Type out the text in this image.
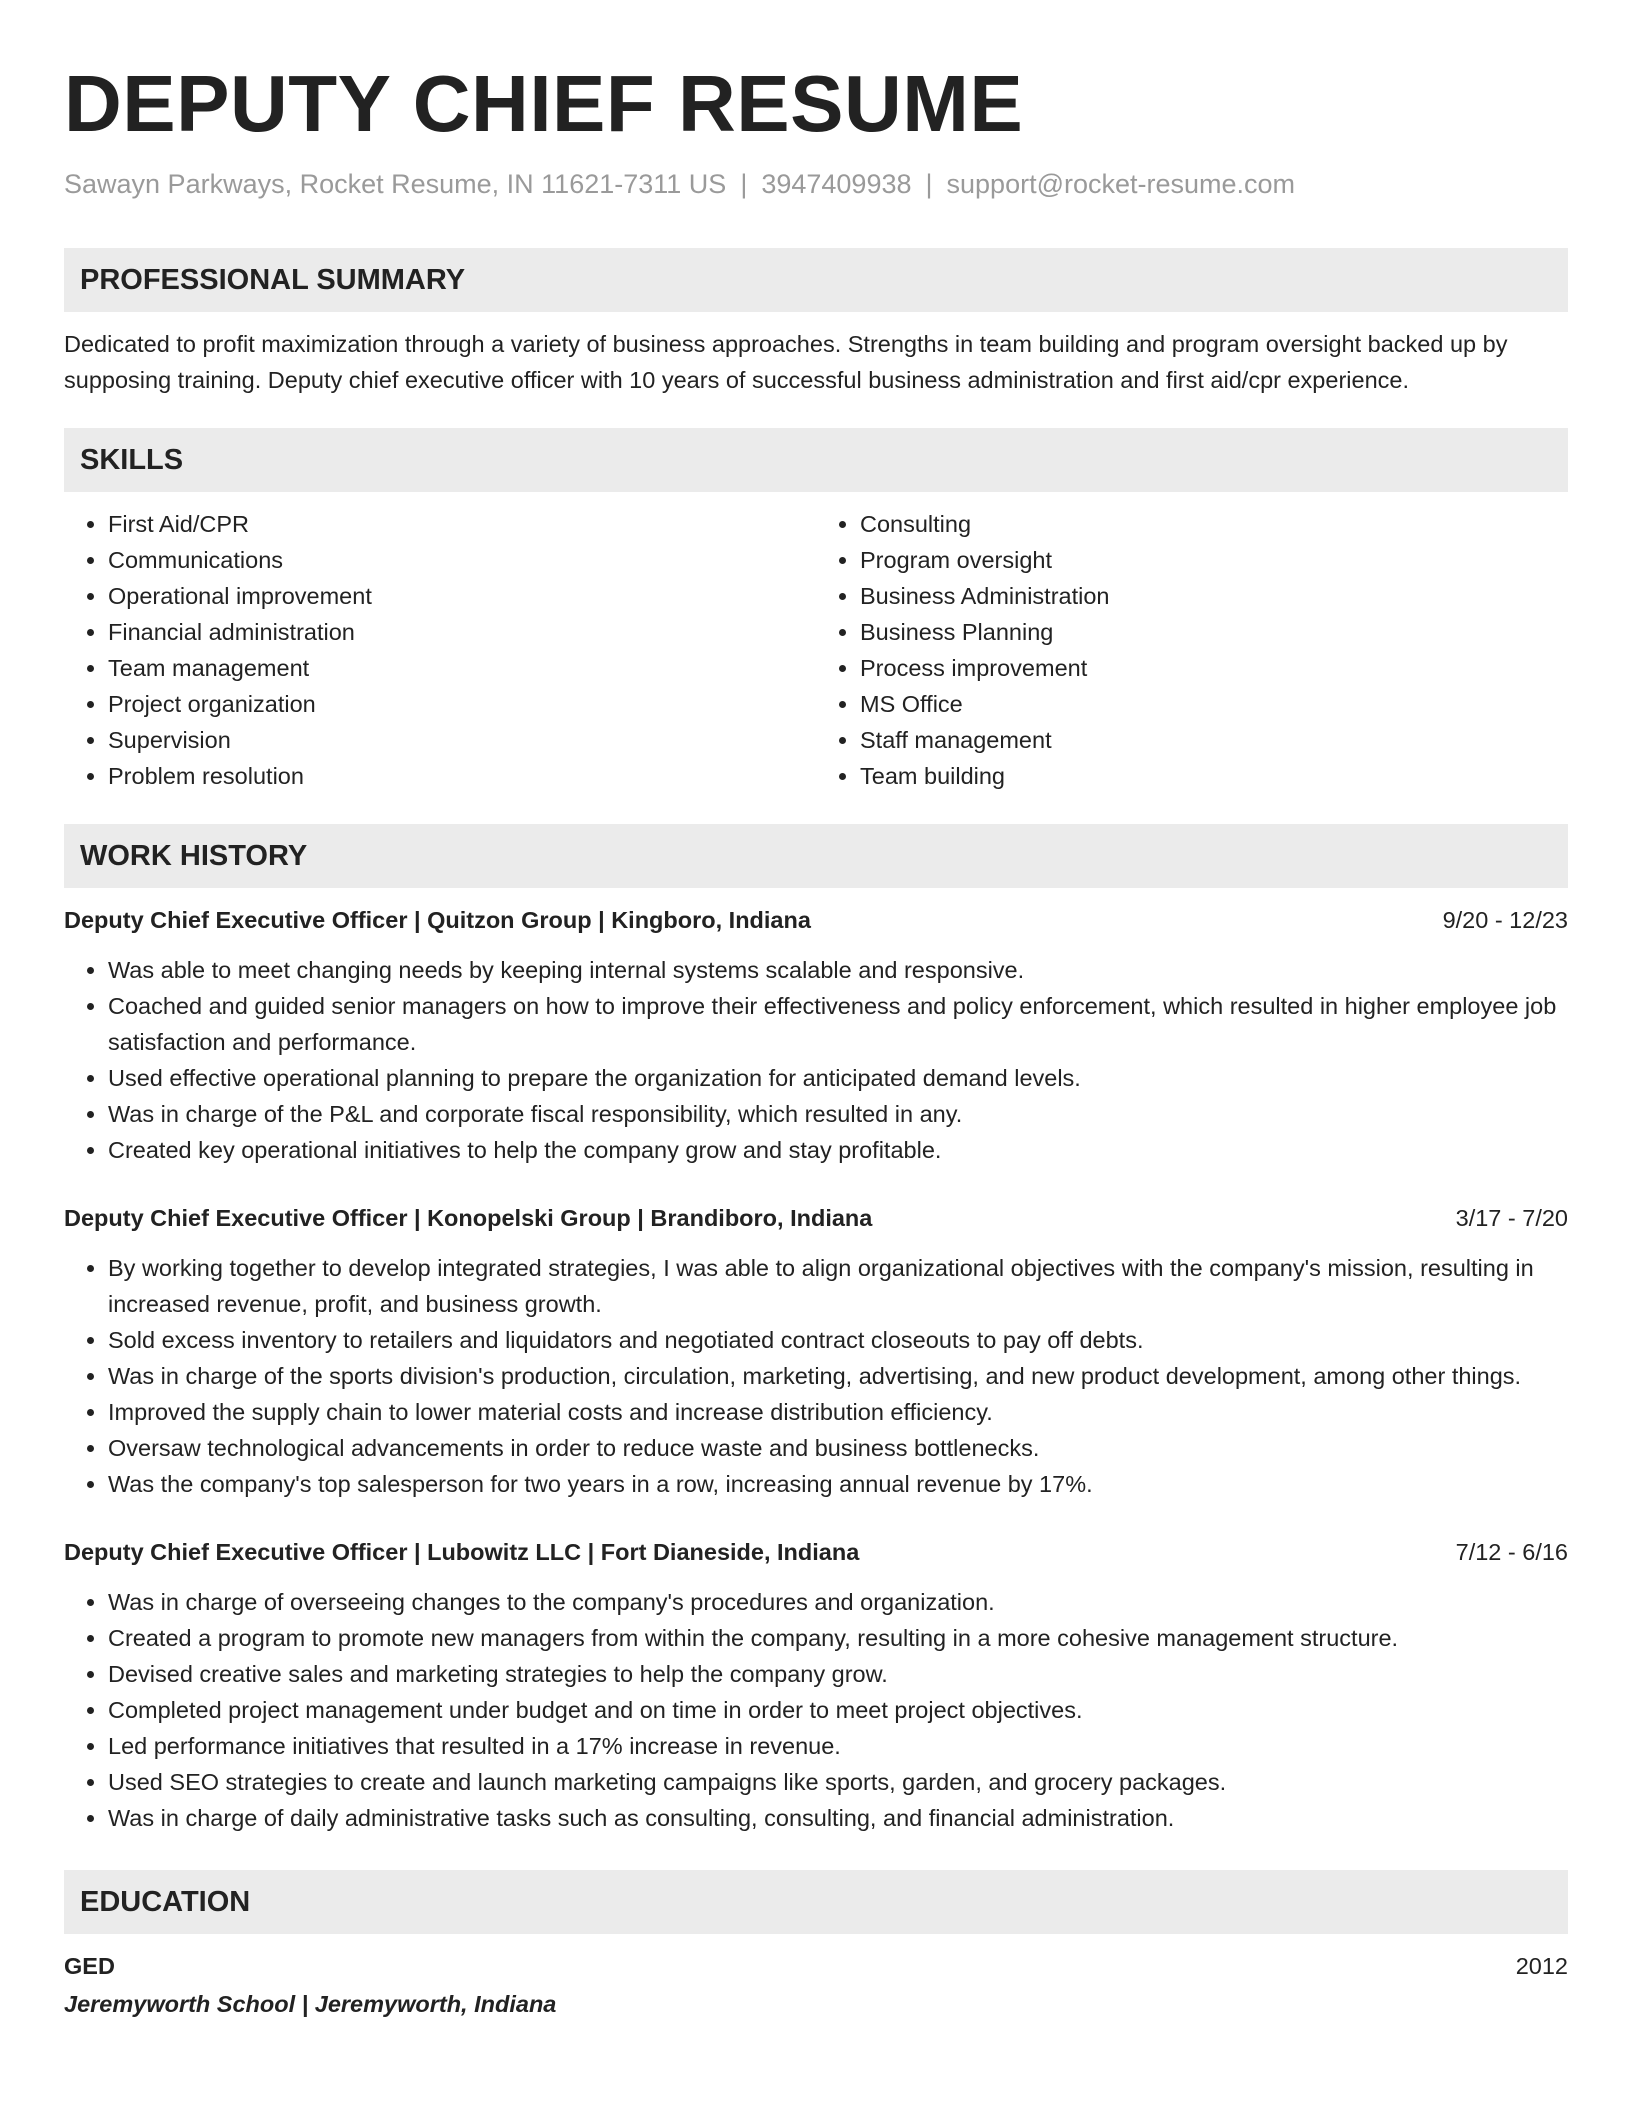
DEPUTY CHIEF RESUME
Sawayn Parkways, Rocket Resume, IN 11621-7311 US | 3947409938 | support@rocket-resume.com
PROFESSIONAL SUMMARY
Dedicated to profit maximization through a variety of business approaches. Strengths in team building and program oversight backed up by supposing training. Deputy chief executive officer with 10 years of successful business administration and first aid/cpr experience.
SKILLS
• First Aid/CPR
• Communications
• Operational improvement
• Financial administration
• Team management
• Project organization
• Supervision
• Problem resolution
• Consulting
• Program oversight
• Business Administration
• Business Planning
• Process improvement
• MS Office
• Staff management
• Team building
WORK HISTORY
Deputy Chief Executive Officer | Quitzon Group | Kingboro, Indiana	9/20 - 12/23
• Was able to meet changing needs by keeping internal systems scalable and responsive.
• Coached and guided senior managers on how to improve their effectiveness and policy enforcement, which resulted in higher employee job satisfaction and performance.
• Used effective operational planning to prepare the organization for anticipated demand levels.
• Was in charge of the P&L and corporate fiscal responsibility, which resulted in any.
• Created key operational initiatives to help the company grow and stay profitable.
Deputy Chief Executive Officer | Konopelski Group | Brandiboro, Indiana	3/17 - 7/20
• By working together to develop integrated strategies, I was able to align organizational objectives with the company's mission, resulting in increased revenue, profit, and business growth.
• Sold excess inventory to retailers and liquidators and negotiated contract closeouts to pay off debts.
• Was in charge of the sports division's production, circulation, marketing, advertising, and new product development, among other things.
• Improved the supply chain to lower material costs and increase distribution efficiency.
• Oversaw technological advancements in order to reduce waste and business bottlenecks.
• Was the company's top salesperson for two years in a row, increasing annual revenue by 17%.
Deputy Chief Executive Officer | Lubowitz LLC | Fort Dianeside, Indiana	7/12 - 6/16
• Was in charge of overseeing changes to the company's procedures and organization.
• Created a program to promote new managers from within the company, resulting in a more cohesive management structure.
• Devised creative sales and marketing strategies to help the company grow.
• Completed project management under budget and on time in order to meet project objectives.
• Led performance initiatives that resulted in a 17% increase in revenue.
• Used SEO strategies to create and launch marketing campaigns like sports, garden, and grocery packages.
• Was in charge of daily administrative tasks such as consulting, consulting, and financial administration.
EDUCATION
GED	2012
Jeremyworth School | Jeremyworth, Indiana
